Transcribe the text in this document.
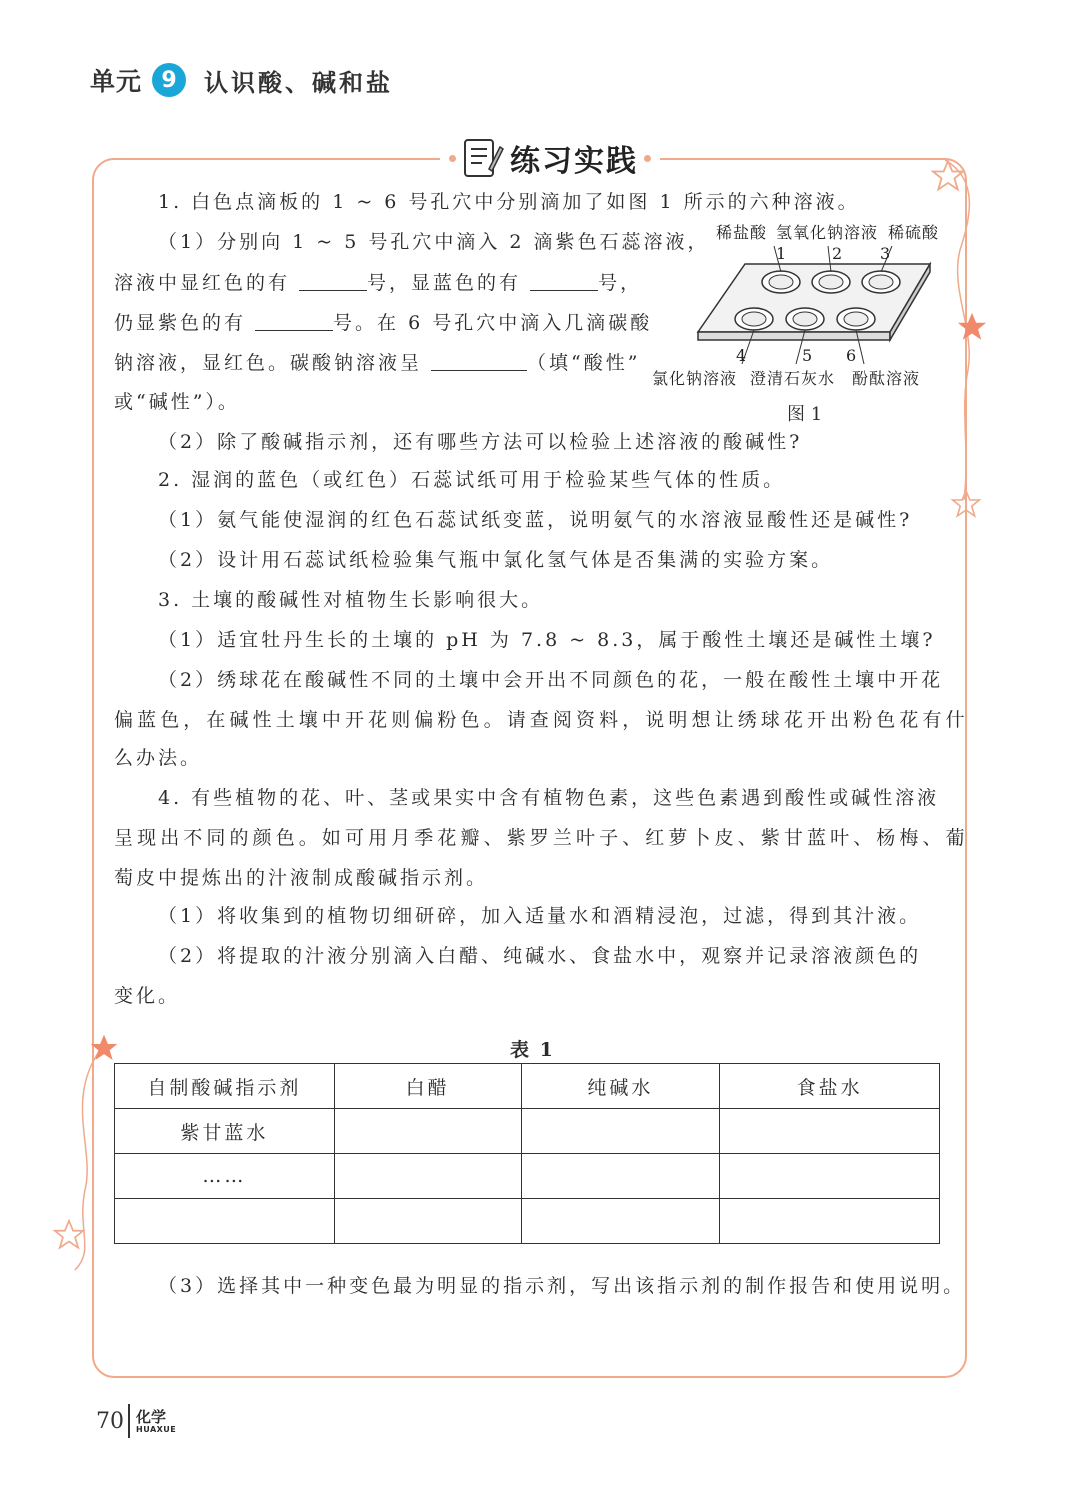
单元 9	认识酸、碱和盐
练习实践
1. 白色点滴板的 1 ~ 6 号孔穴中分别滴加了如图 1 所示的六种溶液。
（1）分别向 1 ~ 5 号孔穴中滴入 2 滴紫色石蕊溶液，
溶液中显红色的有	号，显蓝色的有	号，
仍显紫色的有	号。在 6 号孔穴中滴入几滴碳酸
钠溶液，显红色。碳酸钠溶液呈	（填“酸性”
或“碱性”）。
（2）除了酸碱指示剂，还有哪些方法可以检验上述溶液的酸碱性?
稀盐酸 氢氧化钠溶液 稀硫酸
1	2 3
4	5 6
氯化钠溶液 澄清石灰水 酚酞溶液
图 1
2. 湿润的蓝色（或红色）石蕊试纸可用于检验某些气体的性质。
（1）氨气能使湿润的红色石蕊试纸变蓝，说明氨气的水溶液显酸性还是碱性?
（2）设计用石蕊试纸检验集气瓶中氯化氢气体是否集满的实验方案。
3. 土壤的酸碱性对植物生长影响很大。
（1）适宜牡丹生长的土壤的 pH 为 7.8 ~ 8.3，属于酸性土壤还是碱性土壤?
（2）绣球花在酸碱性不同的土壤中会开出不同颜色的花，一般在酸性土壤中开花
偏蓝色，在碱性土壤中开花则偏粉色。请查阅资料，说明想让绣球花开出粉色花有什
么办法。
4. 有些植物的花、叶、茎或果实中含有植物色素，这些色素遇到酸性或碱性溶液
呈现出不同的颜色。如可用月季花瓣、紫罗兰叶子、红萝卜皮、紫甘蓝叶、杨梅、葡
萄皮中提炼出的汁液制成酸碱指示剂。
（1）将收集到的植物切细研碎，加入适量水和酒精浸泡，过滤，得到其汁液。
（2）将提取的汁液分别滴入白醋、纯碱水、食盐水中，观察并记录溶液颜色的
变化。
表 1
自制酸碱指示剂	白醋	纯碱水	食盐水
紫甘蓝水			
……			

（3）选择其中一种变色最为明显的指示剂，写出该指示剂的制作报告和使用说明。
70 化学
HUAXUE
